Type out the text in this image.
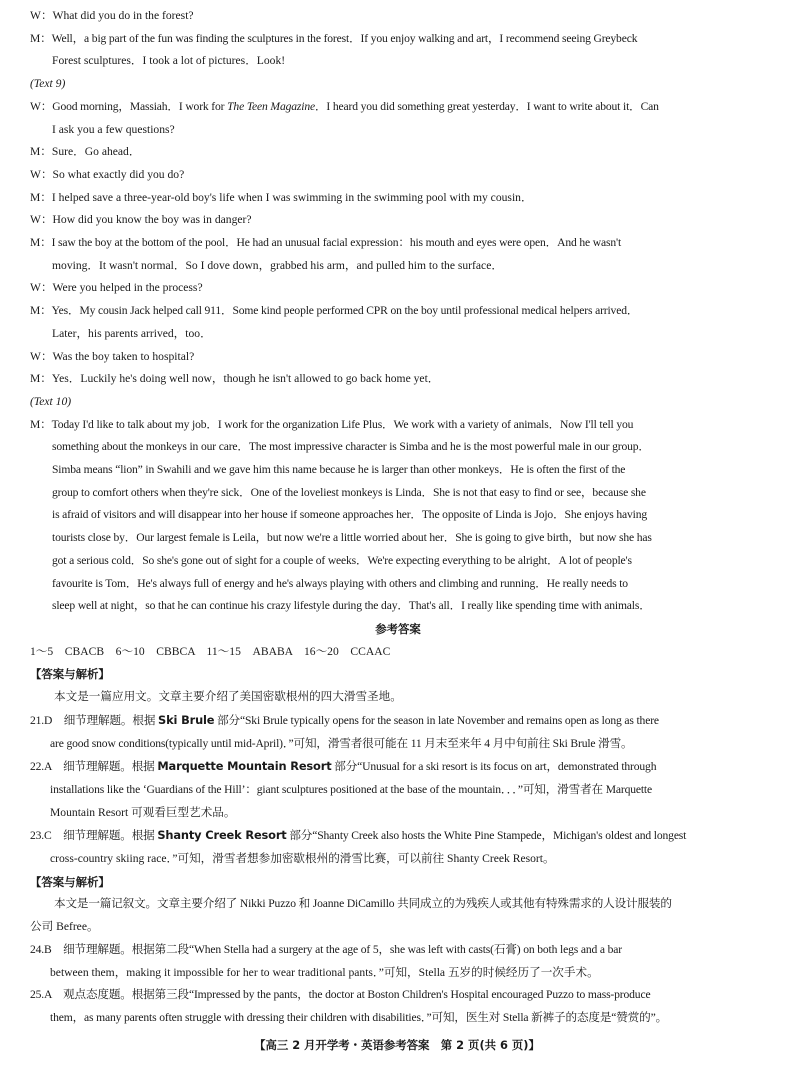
W：What did you do in the forest?
M：Well，a big part of the fun was finding the sculptures in the forest．If you enjoy walking and art，I recommend seeing Greybeck
Forest sculptures．I took a lot of pictures．Look!
(Text 9)
W：Good morning，Massiah．I work for The Teen Magazine．I heard you did something great yesterday．I want to write about it．Can
I ask you a few questions?
M：Sure．Go ahead．
W：So what exactly did you do?
M：I helped save a three-year-old boy's life when I was swimming in the swimming pool with my cousin．
W：How did you know the boy was in danger?
M：I saw the boy at the bottom of the pool．He had an unusual facial expression：his mouth and eyes were open．And he wasn't
moving．It wasn't normal．So I dove down，grabbed his arm，and pulled him to the surface．
W：Were you helped in the process?
M：Yes．My cousin Jack helped call 911．Some kind people performed CPR on the boy until professional medical helpers arrived．
Later，his parents arrived，too．
W：Was the boy taken to hospital?
M：Yes．Luckily he's doing well now，though he isn't allowed to go back home yet．
(Text 10)
M：Today I'd like to talk about my job．I work for the organization Life Plus．We work with a variety of animals．Now I'll tell you
something about the monkeys in our care．The most impressive character is Simba and he is the most powerful male in our group．
Simba means “lion” in Swahili and we gave him this name because he is larger than other monkeys．He is often the first of the
group to comfort others when they're sick．One of the loveliest monkeys is Linda．She is not that easy to find or see，because she
is afraid of visitors and will disappear into her house if someone approaches her．The opposite of Linda is Jojo．She enjoys having
tourists close by．Our largest female is Leila，but now we're a little worried about her．She is going to give birth，but now she has
got a serious cold．So she's gone out of sight for a couple of weeks．We're expecting everything to be alright．A lot of people's
favourite is Tom．He's always full of energy and he's always playing with others and climbing and running．He really needs to
sleep well at night，so that he can continue his crazy lifestyle during the day．That's all．I really like spending time with animals．
参考答案
1～5　CBACB　6～10　CBBCA　11～15　ABABA　16～20　CCAAC
【答案与解析】
本文是一篇应用文。文章主要介绍了美国密歇根州的四大滑雪圣地。
21.D　细节理解题。根据 Ski Brule 部分“Ski Brule typically opens for the season in late November and remains open as long as there
are good snow conditions(typically until mid-April)．”可知，滑雪者很可能在 11 月末至来年 4 月中旬前往 Ski Brule 滑雪。
22.A　细节理解题。根据 Marquette Mountain Resort 部分“Unusual for a ski resort is its focus on art，demonstrated through
installations like the ‘Guardians of the Hill’：giant sculptures positioned at the base of the mountain．．．”可知，滑雪者在 Marquette
Mountain Resort 可观看巨型艺术品。
23.C　细节理解题。根据 Shanty Creek Resort 部分“Shanty Creek also hosts the White Pine Stampede，Michigan's oldest and longest
cross-country skiing race．”可知，滑雪者想参加密歇根州的滑雪比赛，可以前往 Shanty Creek Resort。
【答案与解析】
本文是一篇记叙文。文章主要介绍了 Nikki Puzzo 和 Joanne DiCamillo 共同成立的为残疾人或其他有特殊需求的人设计服装的
公司 Befree。
24.B　细节理解题。根据第二段“When Stella had a surgery at the age of 5，she was left with casts(石膏) on both legs and a bar
between them，making it impossible for her to wear traditional pants．”可知，Stella 五岁的时候经历了一次手术。
25.A　观点态度题。根据第三段“Impressed by the pants，the doctor at Boston Children's Hospital encouraged Puzzo to mass-produce
them，as many parents often struggle with dressing their children with disabilities．”可知，医生对 Stella 新裤子的态度是“赞赏的”。
【高三 2 月开学考・英语参考答案　第 2 页(共 6 页)】
